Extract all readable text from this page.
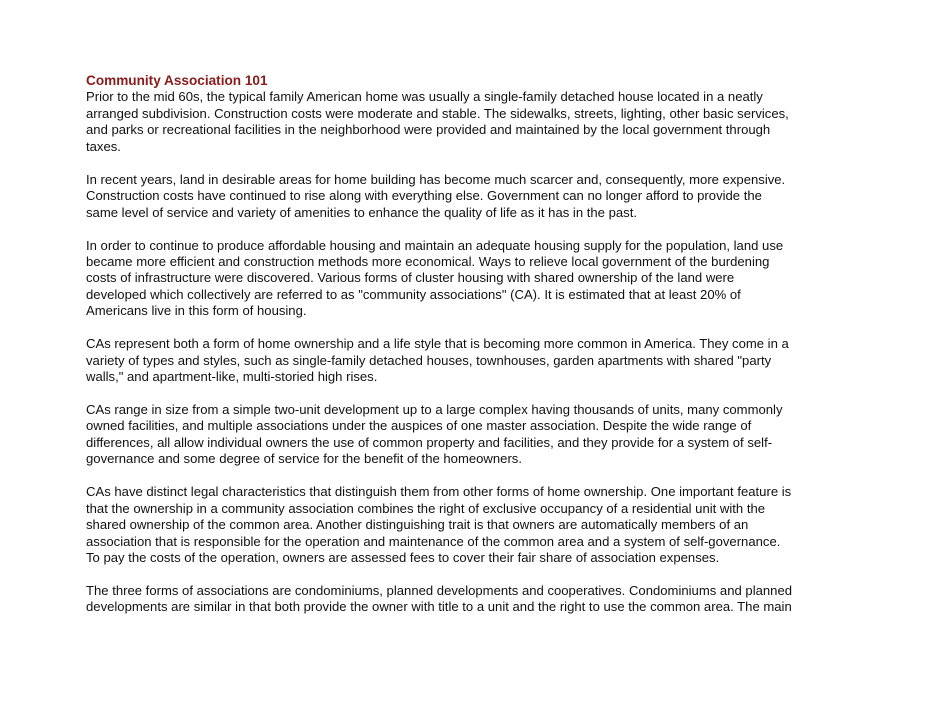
Community Association 101

Prior to the mid 60s, the typical family American home was usually a single-family detached house located in a neatly
arranged subdivision. Construction costs were moderate and stable. The sidewalks, streets, lighting, other basic services,
and parks or recreational facilities in the neighborhood were provided and maintained by the local government through
taxes.

In recent years, land in desirable areas for home building has become much scarcer and, consequently, more expensive.
Construction costs have continued to rise along with everything else. Government can no longer afford to provide the
same level of service and variety of amenities to enhance the quality of life as it has in the past.

In order to continue to produce affordable housing and maintain an adequate housing supply for the population, land use
became more efficient and construction methods more economical. Ways to relieve local government of the burdening
costs of infrastructure were discovered. Various forms of cluster housing with shared ownership of the land were
developed which collectively are referred to as "community associations" (CA). It is estimated that at least 20% of
Americans live in this form of housing.

CAs represent both a form of home ownership and a life style that is becoming more common in America. They come in a
variety of types and styles, such as single-family detached houses, townhouses, garden apartments with shared "party
walls," and apartment-like, multi-storied high rises.

CAs range in size from a simple two-unit development up to a large complex having thousands of units, many commonly
owned facilities, and multiple associations under the auspices of one master association. Despite the wide range of
differences, all allow individual owners the use of common property and facilities, and they provide for a system of self-
governance and some degree of service for the benefit of the homeowners.

CAs have distinct legal characteristics that distinguish them from other forms of home ownership. One important feature is
that the ownership in a community association combines the right of exclusive occupancy of a residential unit with the
shared ownership of the common area. Another distinguishing trait is that owners are automatically members of an
association that is responsible for the operation and maintenance of the common area and a system of self-governance.
To pay the costs of the operation, owners are assessed fees to cover their fair share of association expenses.

The three forms of associations are condominiums, planned developments and cooperatives. Condominiums and planned
developments are similar in that both provide the owner with title to a unit and the right to use the common area. The main
